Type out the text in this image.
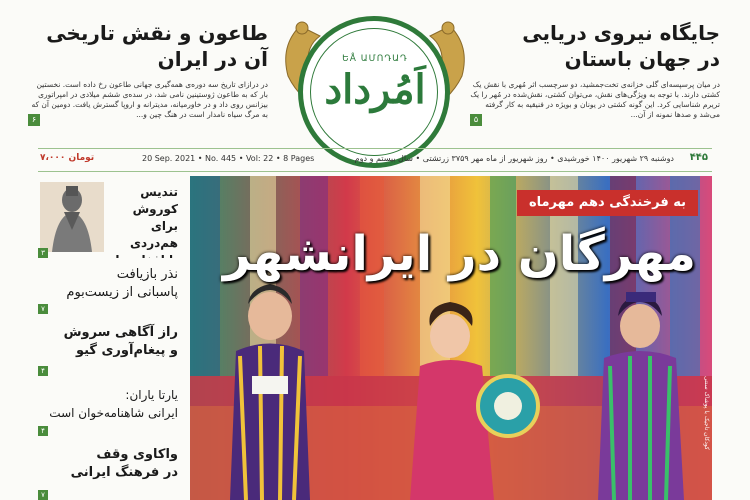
جایگاه نیروی دریایی
در جهان باستان
در میان پرسپسه‌ای گلی خزانه‌ی تخت‌جمشید، دو سرچسب اثر مُهری با نقش یک کشتی دارند. با توجه به ویژگی‌های نقش، می‌توان کشتی، نقش‌شده در مُهر را یک تریرم شناسایی کرد. این گونه کشتی در یونان و بویژه در فنیقیه به کار گرفته می‌شد و صدها نمونه از آن...
۵
طاعون و نقش تاریخی
آن در ایران
در درازای تاریخ سه دوره‌ی همه‌گیری جهانی طاعون رخ داده است. نخستین بار که به طاعون ژوستینین نامی شد، در سده‌ی ششم میلادی در امپراتوری بیزانس روی داد و در خاورمیانه، مدیترانه و اروپا گسترش یافت. دومین آن که به مرگ سیاه نامدار است در هنگ چین و...
۶
ԵÅ ԱՄՈԴԱԴ
اَمُرداد
۴۴۵
دوشنبه ۲۹ شهریور ۱۴۰۰ خورشیدی • روز شهریور از ماه مهر ۳۷۵۹ زرتشتی • سال بیستم و دوم
20 Sep. 2021 • No. 445 • Vol: 22 • 8 Pages
۷،۰۰۰ تومان
تندیس کوروش
برای هم‌دردی
۳
نذر بازیافت
پاسبانی از زیست‌بوم
۷
راز آگاهی سروش
و پیغام‌آوری گیو
۴
یارتا یاران:
ایرانی شاهنامه‌خوان است
۴
واکاوی وقف
در فرهنگ ایرانی
۷
به فرخندگی دهم مهرماه
مهرگان در ایرانشهر
کودکان تاجیک با پوشاک سنتی
